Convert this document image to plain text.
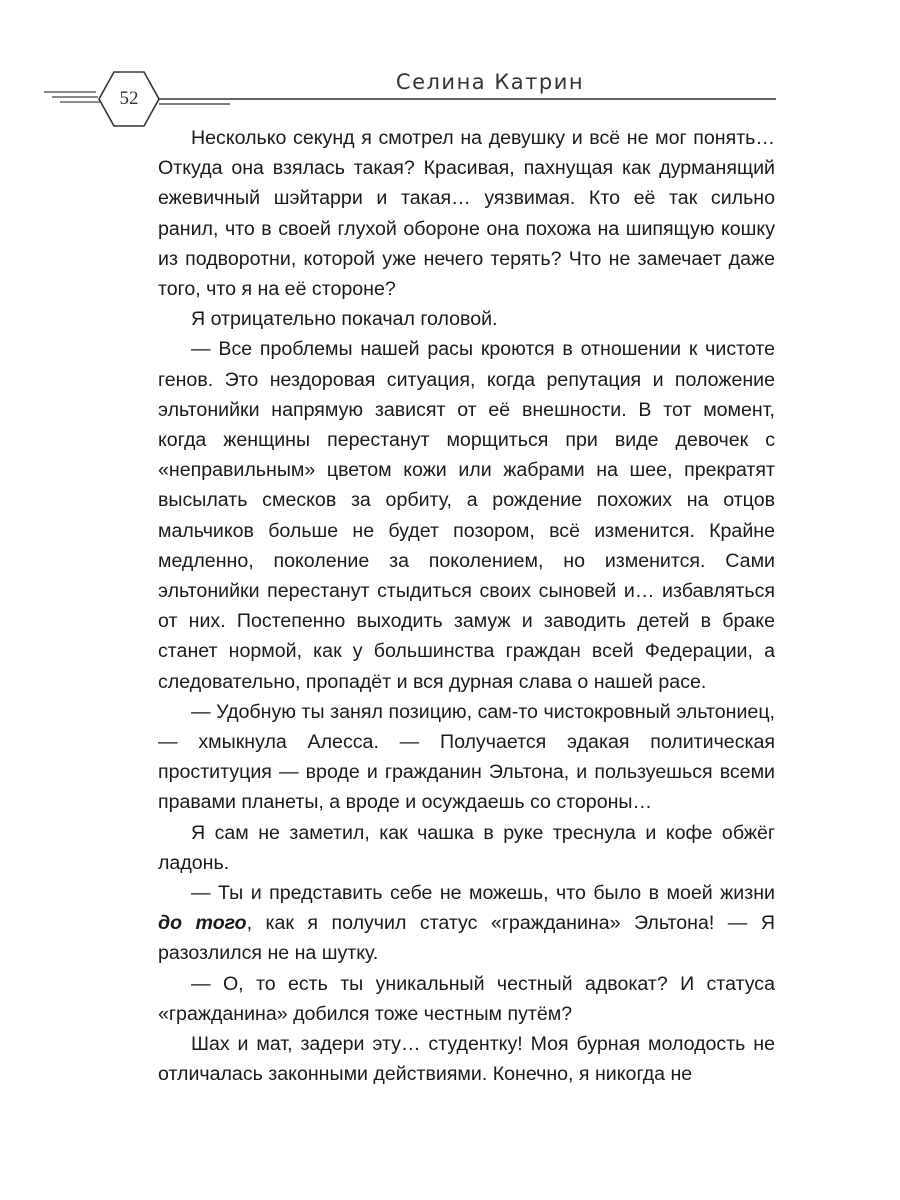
52
Селина Катрин

Несколько секунд я смотрел на девушку и всё не мог понять… Откуда она взялась такая? Красивая, пахнущая как дурманящий ежевичный шэйтарри и такая… уязвимая. Кто её так сильно ранил, что в своей глухой обороне она похожа на шипящую кошку из подворотни, которой уже нечего терять? Что не замечает даже того, что я на её стороне?

Я отрицательно покачал головой.

— Все проблемы нашей расы кроются в отношении к чистоте генов. Это нездоровая ситуация, когда репутация и положение эльтонийки напрямую зависят от её внешности. В тот момент, когда женщины перестанут морщиться при виде девочек с «неправильным» цветом кожи или жабрами на шее, прекратят высылать смесков за орбиту, а рождение похожих на отцов мальчиков больше не будет позором, всё изменится. Крайне медленно, поколение за поколением, но изменится. Сами эльтонийки перестанут стыдиться своих сыновей и… избавляться от них. Постепенно выходить замуж и заводить детей в браке станет нормой, как у большинства граждан всей Федерации, а следовательно, пропадёт и вся дурная слава о нашей расе.

— Удобную ты занял позицию, сам-то чистокровный эльтониец, — хмыкнула Алесса. — Получается эдакая политическая проституция — вроде и гражданин Эльтона, и пользуешься всеми правами планеты, а вроде и осуждаешь со стороны…

Я сам не заметил, как чашка в руке треснула и кофе обжёг ладонь.

— Ты и представить себе не можешь, что было в моей жизни до того, как я получил статус «гражданина» Эльтона! — Я разозлился не на шутку.

— О, то есть ты уникальный честный адвокат? И статуса «гражданина» добился тоже честным путём?

Шах и мат, задери эту… студентку! Моя бурная молодость не отличалась законными действиями. Конечно, я никогда не
